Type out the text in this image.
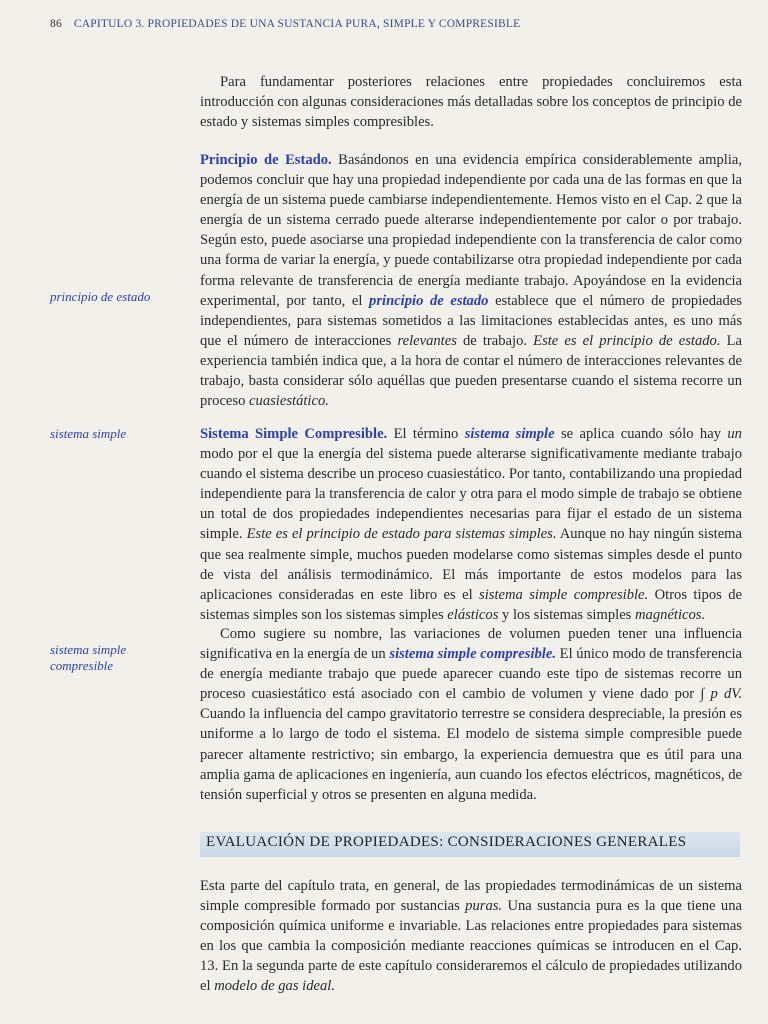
86 CAPITULO 3. PROPIEDADES DE UNA SUSTANCIA PURA, SIMPLE Y COMPRESIBLE
principio de estado
sistema simple
sistema simple
compresible

Para fundamentar posteriores relaciones entre propiedades concluiremos esta introducción con algunas consideraciones más detalladas sobre los conceptos de principio de estado y sistemas simples compresibles.

Principio de Estado. Basándonos en una evidencia empírica considerablemente amplia, podemos concluir que hay una propiedad independiente por cada una de las formas en que la energía de un sistema puede cambiarse independientemente. Hemos visto en el Cap. 2 que la energía de un sistema cerrado puede alterarse independientemente por calor o por trabajo. Según esto, puede asociarse una propiedad independiente con la transferencia de calor como una forma de variar la energía, y puede contabilizarse otra propiedad independiente por cada forma relevante de transferencia de energía mediante trabajo. Apoyándose en la evidencia experimental, por tanto, el principio de estado establece que el número de propiedades independientes, para sistemas sometidos a las limitaciones establecidas antes, es uno más que el número de interacciones relevantes de trabajo. Este es el principio de estado. La experiencia también indica que, a la hora de contar el número de interacciones relevantes de trabajo, basta considerar sólo aquéllas que pueden presentarse cuando el sistema recorre un proceso cuasiestático.

Sistema Simple Compresible. El término sistema simple se aplica cuando sólo hay un modo por el que la energía del sistema puede alterarse significativamente mediante trabajo cuando el sistema describe un proceso cuasiestático. Por tanto, contabilizando una propiedad independiente para la transferencia de calor y otra para el modo simple de trabajo se obtiene un total de dos propiedades independientes necesarias para fijar el estado de un sistema simple. Este es el principio de estado para sistemas simples. Aunque no hay ningún sistema que sea realmente simple, muchos pueden modelarse como sistemas simples desde el punto de vista del análisis termodinámico. El más importante de estos modelos para las aplicaciones consideradas en este libro es el sistema simple compresible. Otros tipos de sistemas simples son los sistemas simples elásticos y los sistemas simples magnéticos.

Como sugiere su nombre, las variaciones de volumen pueden tener una influencia significativa en la energía de un sistema simple compresible. El único modo de transferencia de energía mediante trabajo que puede aparecer cuando este tipo de sistemas recorre un proceso cuasiestático está asociado con el cambio de volumen y viene dado por ∫ p dV. Cuando la influencia del campo gravitatorio terrestre se considera despreciable, la presión es uniforme a lo largo de todo el sistema. El modelo de sistema simple compresible puede parecer altamente restrictivo; sin embargo, la experiencia demuestra que es útil para una amplia gama de aplicaciones en ingeniería, aun cuando los efectos eléctricos, magnéticos, de tensión superficial y otros se presenten en alguna medida.

EVALUACIÓN DE PROPIEDADES: CONSIDERACIONES GENERALES

Esta parte del capítulo trata, en general, de las propiedades termodinámicas de un sistema simple compresible formado por sustancias puras. Una sustancia pura es la que tiene una composición química uniforme e invariable. Las relaciones entre propiedades para sistemas en los que cambia la composición mediante reacciones químicas se introducen en el Cap. 13. En la segunda parte de este capítulo consideraremos el cálculo de propiedades utilizando el modelo de gas ideal.
